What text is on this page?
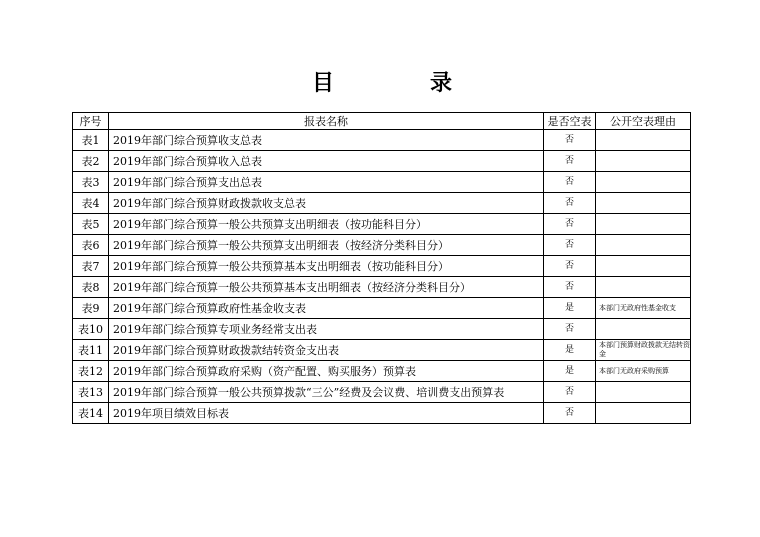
目	录
序号	报表名称	是否空表	公开空表理由
表1	2019年部门综合预算收支总表	否	
表2	2019年部门综合预算收入总表	否	
表3	2019年部门综合预算支出总表	否	
表4	2019年部门综合预算财政拨款收支总表	否	
表5	2019年部门综合预算一般公共预算支出明细表（按功能科目分）	否	
表6	2019年部门综合预算一般公共预算支出明细表（按经济分类科目分）	否	
表7	2019年部门综合预算一般公共预算基本支出明细表（按功能科目分）	否	
表8	2019年部门综合预算一般公共预算基本支出明细表（按经济分类科目分）	否	
表9	2019年部门综合预算政府性基金收支表	是	本部门无政府性基金收支
表10	2019年部门综合预算专项业务经常支出表	否	
表11	2019年部门综合预算财政拨款结转资金支出表	是	本部门预算财政拨款无结转资金
表12	2019年部门综合预算政府采购（资产配置、购买服务）预算表	是	本部门无政府采购预算
表13	2019年部门综合预算一般公共预算拨款“三公”经费及会议费、培训费支出预算表	否	
表14	2019年项目绩效目标表	否	
